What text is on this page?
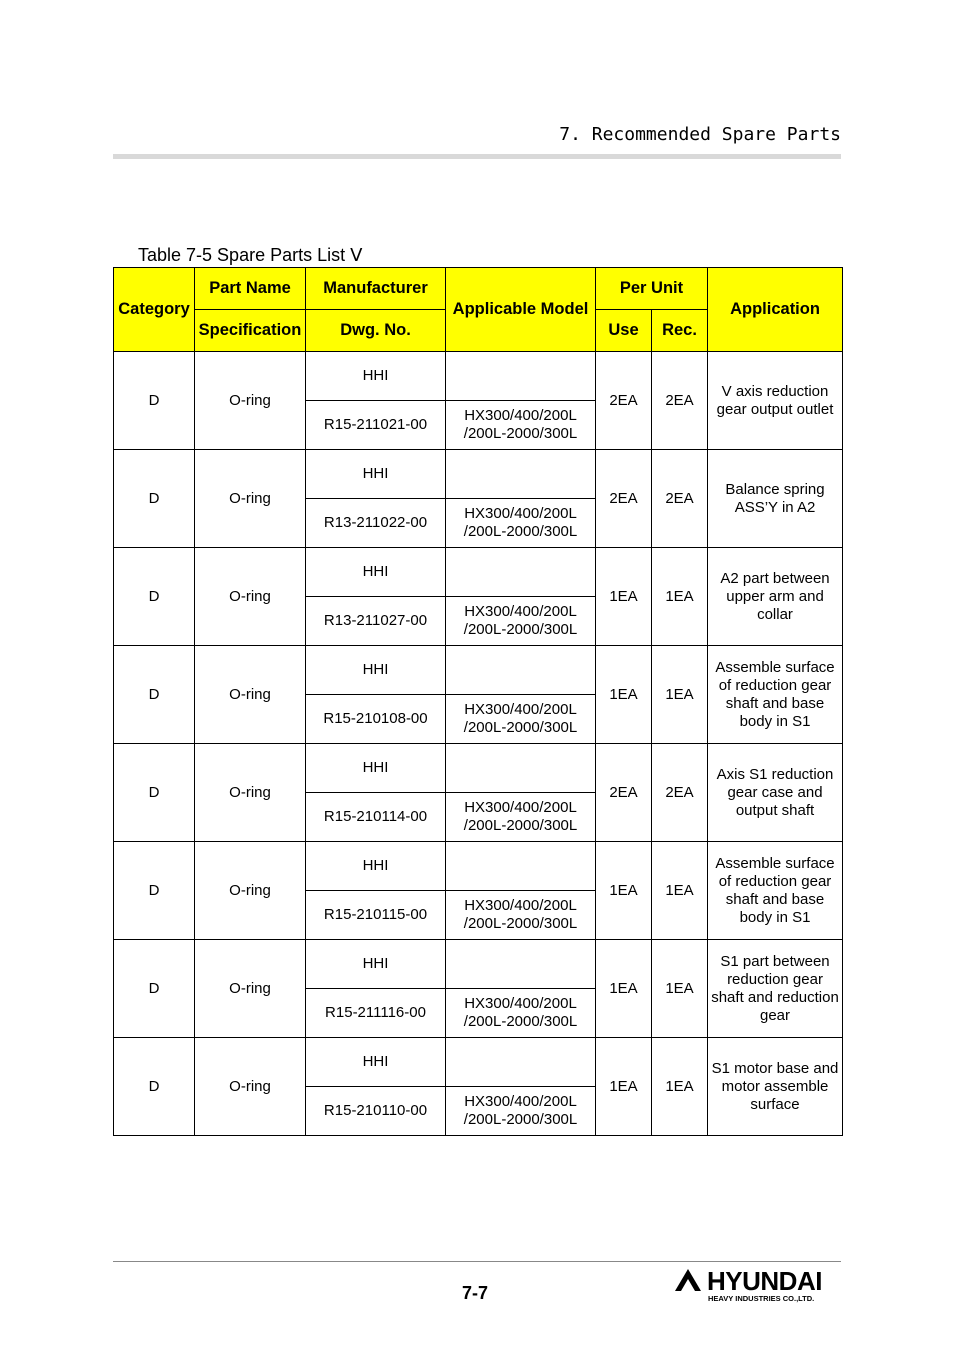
7. Recommended Spare Parts
Table 7-5 Spare Parts List Ⅴ
Category	Part Name	Manufacturer	Applicable Model	Per Unit		Application
	Specification	Dwg. No.		Use	Rec.	
D	O-ring	HHI		2EA	2EA	V axis reduction gear output outlet
		R15-211021-00	HX300/400/200L /200L-2000/300L			
D	O-ring	HHI		2EA	2EA	Balance spring ASS’Y in A2
		R13-211022-00	HX300/400/200L /200L-2000/300L			
D	O-ring	HHI		1EA	1EA	A2 part between upper arm and collar
		R13-211027-00	HX300/400/200L /200L-2000/300L			
D	O-ring	HHI		1EA	1EA	Assemble surface of reduction gear shaft and base body in S1
		R15-210108-00	HX300/400/200L /200L-2000/300L			
D	O-ring	HHI		2EA	2EA	Axis S1 reduction gear case and output shaft
		R15-210114-00	HX300/400/200L /200L-2000/300L			
D	O-ring	HHI		1EA	1EA	Assemble surface of reduction gear shaft and base body in S1
		R15-210115-00	HX300/400/200L /200L-2000/300L			
D	O-ring	HHI		1EA	1EA	S1 part between reduction gear shaft and reduction gear
		R15-211116-00	HX300/400/200L /200L-2000/300L			
D	O-ring	HHI		1EA	1EA	S1 motor base and motor assemble surface
		R15-210110-00	HX300/400/200L /200L-2000/300L			
7-7	HYUNDAI
HEAVY INDUSTRIES CO.,LTD.
